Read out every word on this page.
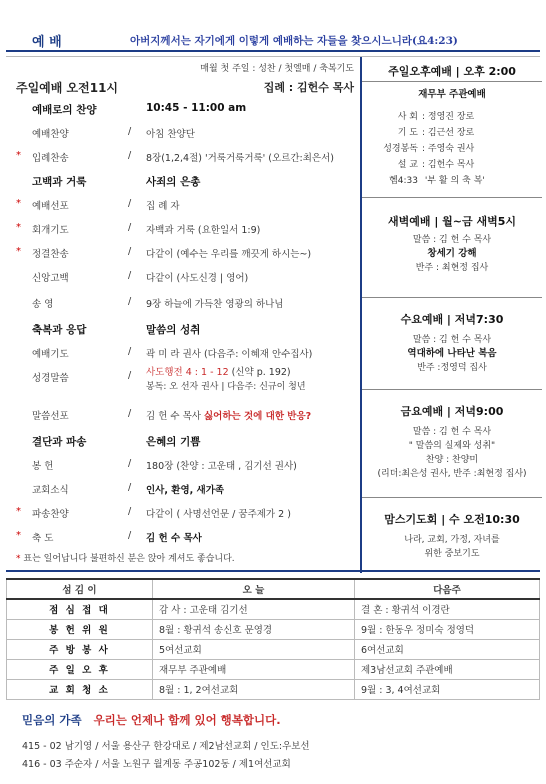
예 배	아버지께서는 자기에게 이렇게 예배하는 자들을 찾으시느니라(요4:23)
매월 첫 주일 : 성찬 / 첫엘매 / 축복기도
주일예배 오전11시	집례 : 김헌수 목사
예배로의 찬양	10:45 - 11:00 am
예배찬양	/ 아침 찬양단
* 입례찬송	/ 8장(1,2,4절) '거룩거룩거룩' (오르간:최은서)
고백과 거룩	사죄의 은총
* 예배선포	/ 집 례 자
* 회개기도	/ 자백과 거룩 (요한일서 1:9)
* 정결찬송	/ 다같이 (예수는 우리를 깨끗게 하시는~)
신앙고백	/ 다같이 (사도신경 | 영어)
송 영	/ 9장 하늘에 가득찬 영광의 하나님
축복과 응답	말씀의 성취
예배기도	/ 곽 미 라 권사 (다음주: 이혜재 안수집사)
성경말씀	/ 사도행전 4 : 1 - 12 (신약 p. 192)
봉독: 오 선자 권사 | 다음주: 신규이 청년
말씀선포	/ 김 헌 수 목사 싫어하는 것에 대한 반응?
결단과 파송	은혜의 기쁨
봉 헌	/ 180장 (찬양 : 고운태 , 김기선 권사)
교회소식	/ 인사, 환영, 새가족
* 파송찬양	/ 다같이 ( 사명선언문 / 꿈주제가 2 )
* 축 도	/ 김 헌 수 목사
* 표는 일어납니다 불편하신 분은 앉아 계셔도 좋습니다.
주일오후예배 | 오후 2:00
재무부 주관예배
사 회 : 정영진 장로
기 도 : 김근선 장로
성경봉독 : 주영숙 권사
설 교 : 김헌수 목사
헴4:33 '부 활 의 축 복'
새벽예배 | 월~금 새벽5시
말씀 : 김 헌 수 목사
창세기 강해
반주 : 최현정 집사
수요예배 | 저녁7:30
말씀 : 김 헌 수 목사
역대하에 나타난 복음
반주 :정영덕 집사
금요예배 | 저녁9:00
말씀 : 김 헌 수 목사
" 말씀의 실제와 성취"
찬양 : 찬양미
(리더:최은성 권사, 반주 :최현정 집사)
맘스기도회 | 수 오전10:30
나라, 교회, 가정, 자녀를
위한 중보기도
섬 김 이	오 늘	다음주
점 심 접 대	감 사 : 고운태 김기선	결 혼 : 황귀석 이경란
봉 헌 위 원	8월 : 황귀석 송신호 문영경	9월 : 한동우 정미숙 정영덕
주 방 봉 사	5여선교회	6여선교회
주 일 오 후	재무부 주관예배	제3남선교회 주관예배
교 회 청 소	8월 : 1, 2여선교회	9월 : 3, 4여선교회
믿음의 가족 우리는 언제나 함께 있어 행복합니다.
415 - 02 남기영 / 서울 용산구 한강대로 / 제2남선교회 / 인도:우보선
416 - 03 주순자 / 서울 노원구 월계동 주공102동 / 제1여선교회
